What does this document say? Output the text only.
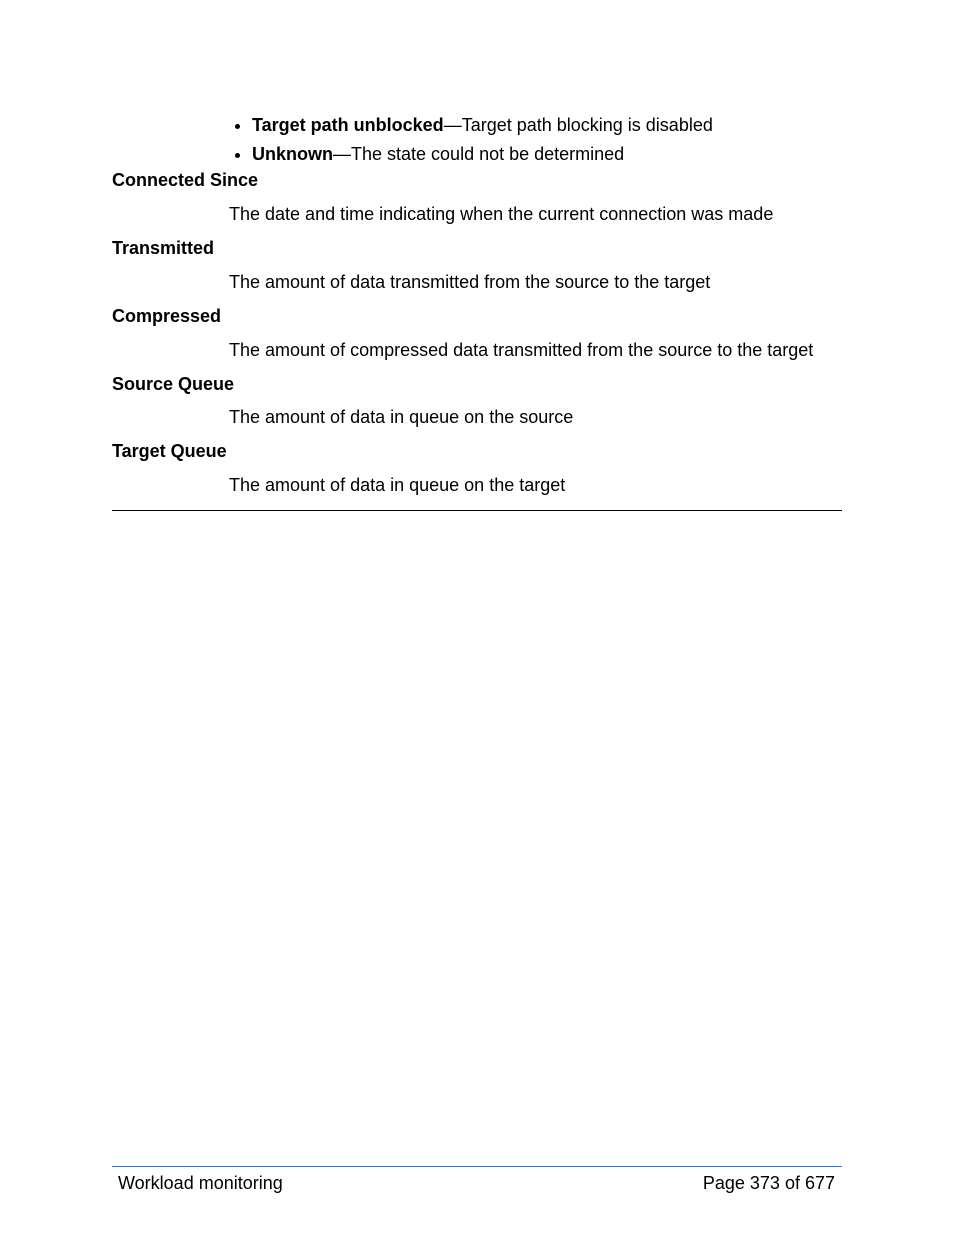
Target path unblocked—Target path blocking is disabled
Unknown—The state could not be determined
Connected Since
The date and time indicating when the current connection was made
Transmitted
The amount of data transmitted from the source to the target
Compressed
The amount of compressed data transmitted from the source to the target
Source Queue
The amount of data in queue on the source
Target Queue
The amount of data in queue on the target
Workload monitoring	Page 373 of 677
